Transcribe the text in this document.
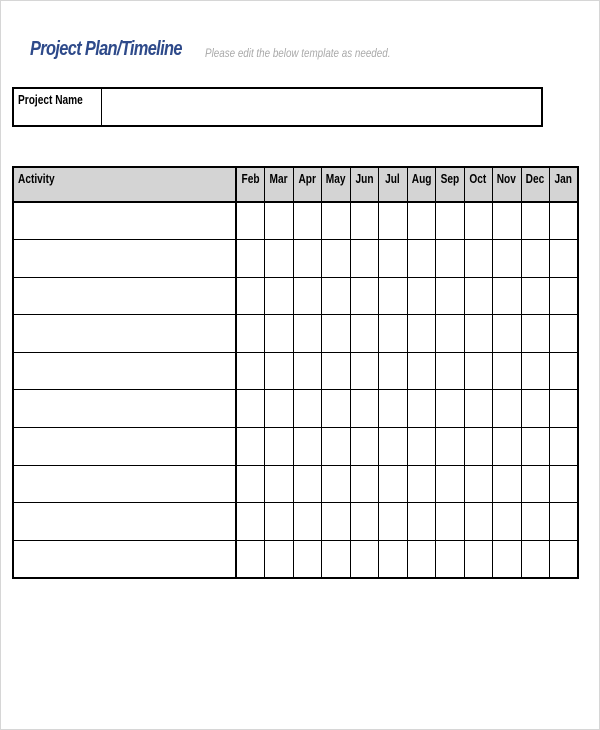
Project Plan/Timeline Please edit the below template as needed.
Project Name
Activity	Feb	Mar	Apr	May	Jun	Jul	Aug	Sep	Oct	Nov	Dec	Jan
